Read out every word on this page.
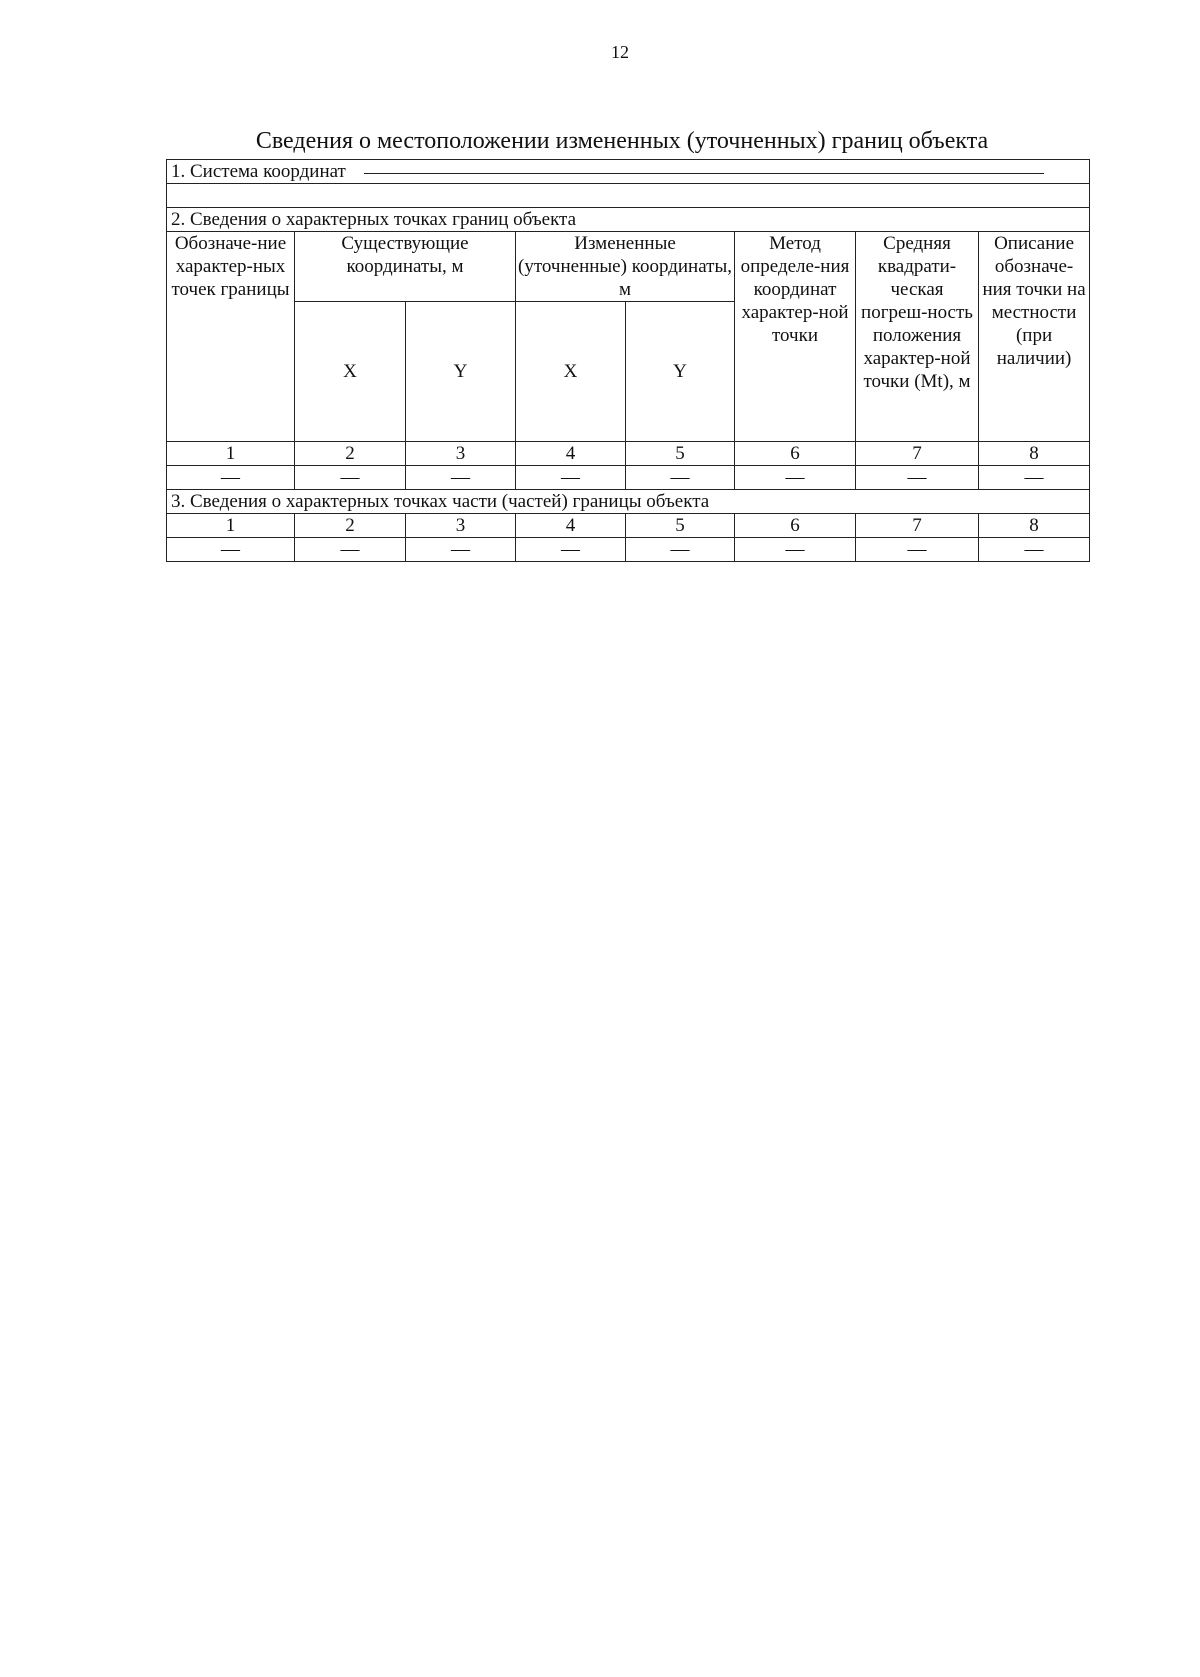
12
Сведения о местоположении измененных (уточненных) границ объекта
1. Система координат							

2. Сведения о характерных точках границ объекта							
Обозначе-ние характер-ных точек границы	Существующие координаты, м		Измененные (уточненные) координаты, м		Метод определе-ния координат характер-ной точки	Средняя квадрати-ческая погреш-ность положения характер-ной точки (Mt), м	Описание обозначе-ния точки на местности (при наличии)
	X	Y	X	Y			
1	2	3	4	5	6	7	8
—	—	—	—	—	—	—	—
3. Сведения о характерных точках части (частей) границы объекта							
1	2	3	4	5	6	7	8
—	—	—	—	—	—	—	—
